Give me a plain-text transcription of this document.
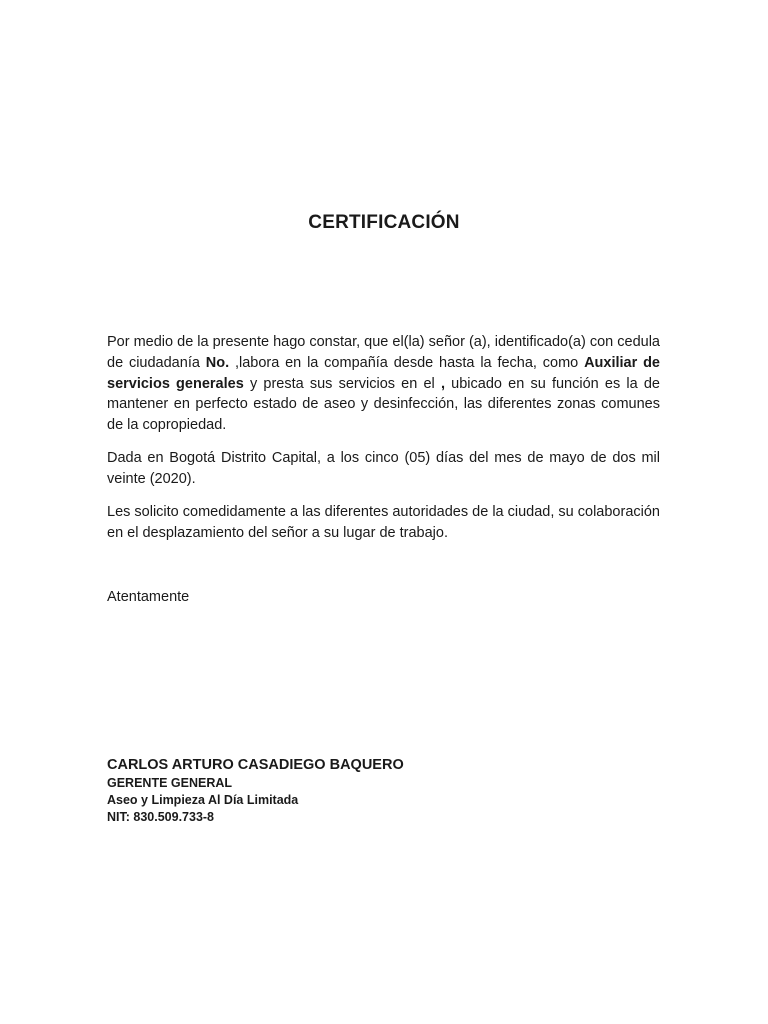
CERTIFICACIÓN
Por medio de la presente hago constar, que el(la) señor (a), identificado(a) con cedula de ciudadanía No. ,labora en la compañía desde hasta la fecha, como Auxiliar de servicios generales y presta sus servicios en el , ubicado en su función es la de mantener en perfecto estado de aseo y desinfección, las diferentes zonas comunes de la copropiedad.
Dada en Bogotá Distrito Capital, a los cinco (05) días del mes de mayo de dos mil veinte (2020).
Les solicito comedidamente a las diferentes autoridades de la ciudad, su colaboración en el desplazamiento del señor a su lugar de trabajo.
Atentamente
CARLOS ARTURO CASADIEGO BAQUERO
GERENTE GENERAL
Aseo y Limpieza Al Día Limitada
NIT: 830.509.733-8
